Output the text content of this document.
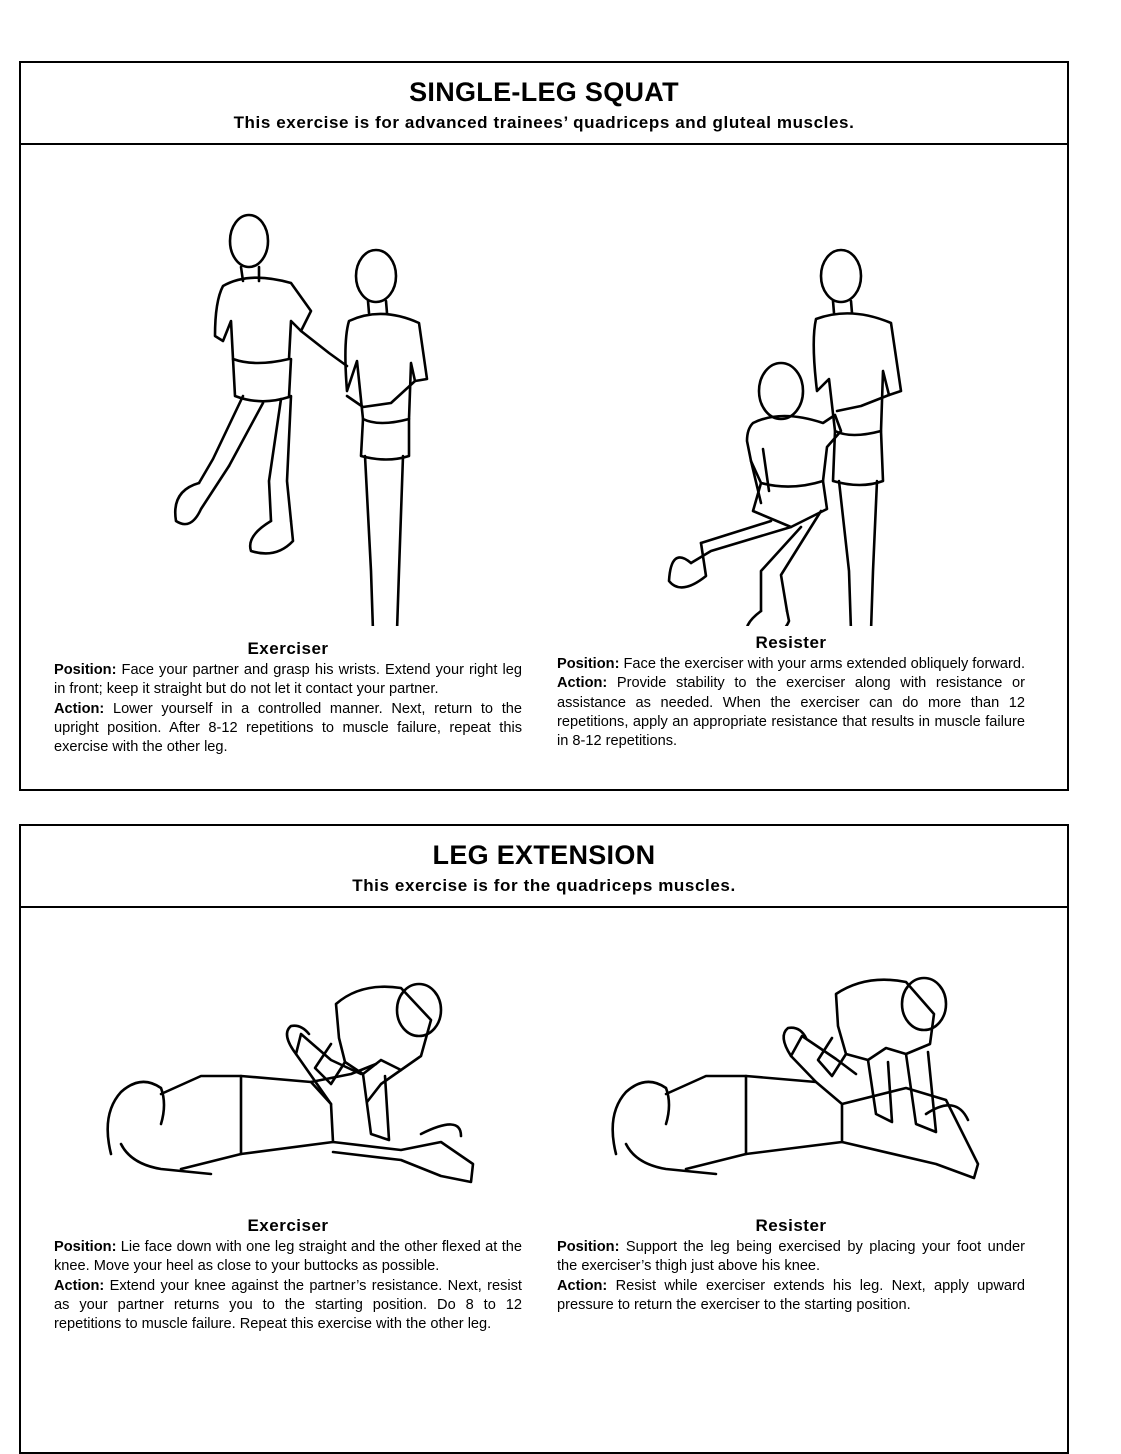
SINGLE-LEG SQUAT
This exercise is for advanced trainees’ quadriceps and gluteal muscles.
Exerciser

Position: Face your partner and grasp his wrists. Extend your right leg in front; keep it straight but do not let it contact your partner.

Action: Lower yourself in a controlled manner. Next, return to the upright position. After 8-12 repetitions to muscle failure, repeat this exercise with the other leg.

Resister

Position: Face the exerciser with your arms extended obliquely forward.

Action: Provide stability to the exerciser along with resistance or assistance as needed. When the exerciser can do more than 12 repetitions, apply an appropriate resistance that results in muscle failure in 8-12 repetitions.

LEG EXTENSION
This exercise is for the quadriceps muscles.
Exerciser

Position: Lie face down with one leg straight and the other flexed at the knee. Move your heel as close to your buttocks as possible.

Action: Extend your knee against the partner’s resistance. Next, resist as your partner returns you to the starting position. Do 8 to 12 repetitions to muscle failure. Repeat this exercise with the other leg.

Resister

Position: Support the leg being exercised by placing your foot under the exerciser’s thigh just above his knee.

Action: Resist while exerciser extends his leg. Next, apply upward pressure to return the exerciser to the starting position.
